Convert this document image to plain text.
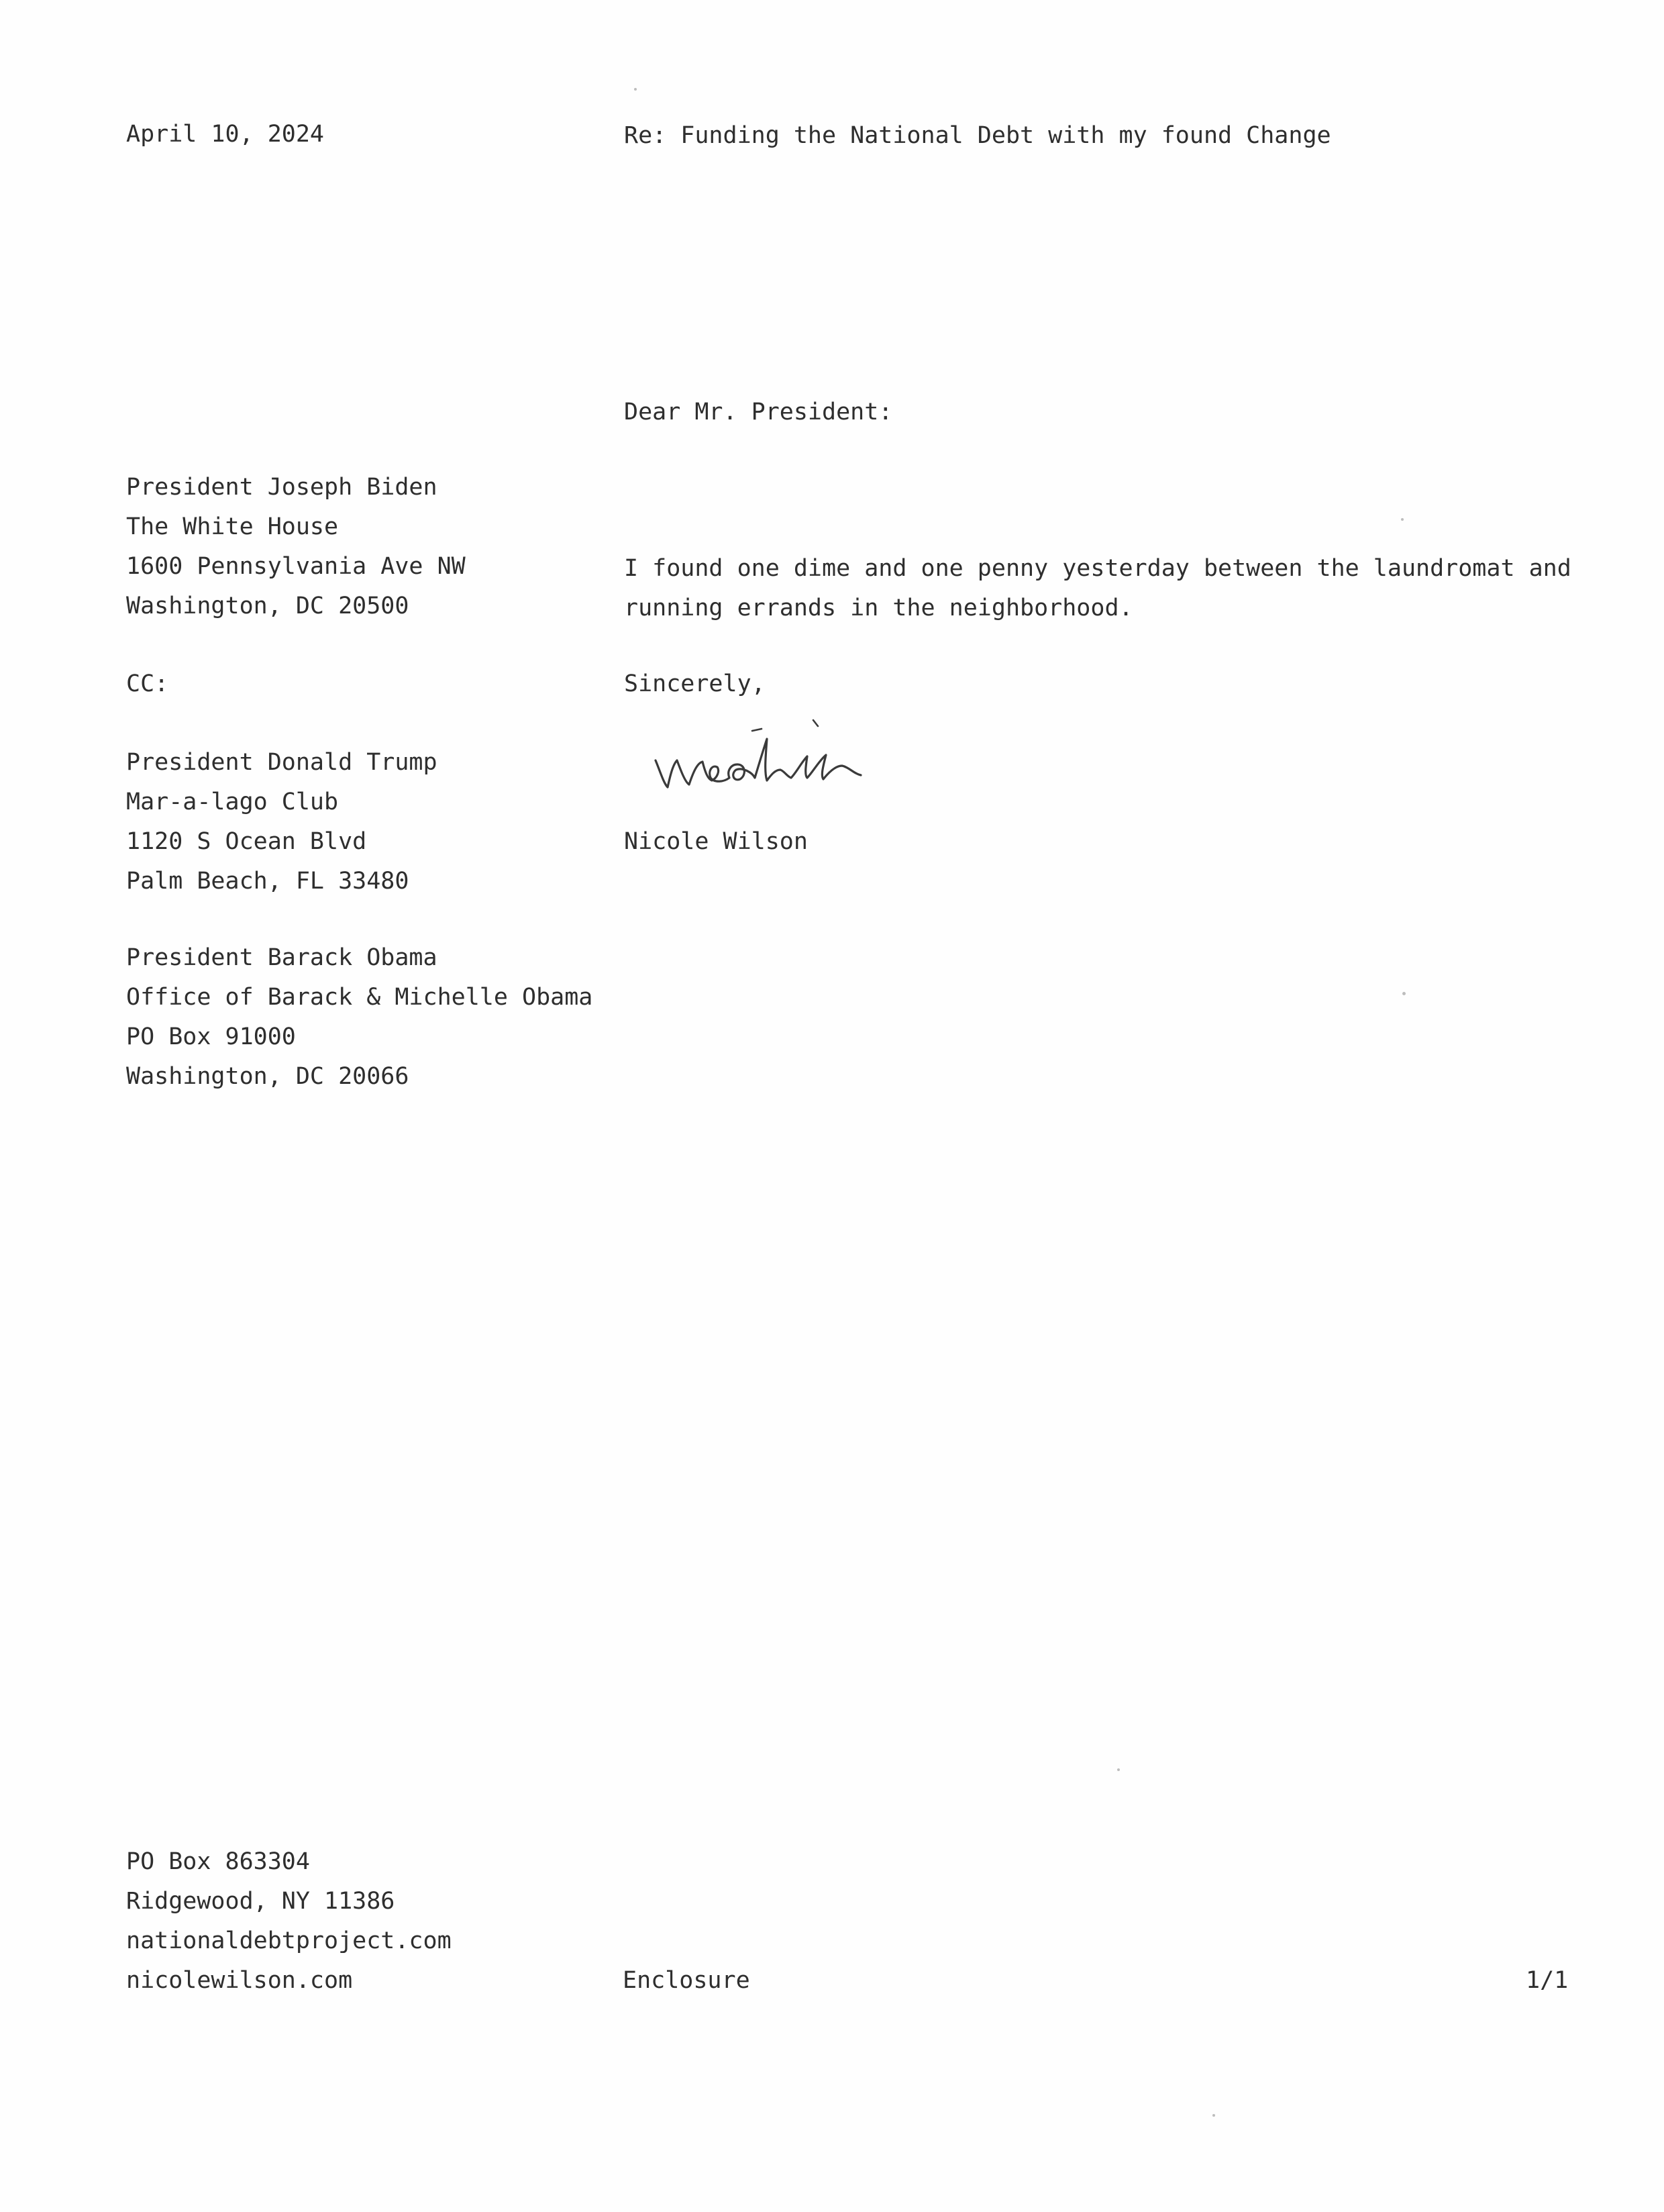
April 10, 2024	Re: Funding the National Debt with my found Change
Dear Mr. President:
President Joseph Biden
The White House
1600 Pennsylvania Ave NW
Washington, DC 20500
I found one dime and one penny yesterday between the laundromat and
running errands in the neighborhood.
CC:	Sincerely,
Nicole Wilson
President Donald Trump
Mar-a-lago Club
1120 S Ocean Blvd
Palm Beach, FL 33480
President Barack Obama
Office of Barack & Michelle Obama
PO Box 91000
Washington, DC 20066
PO Box 863304
Ridgewood, NY 11386
nationaldebtproject.com
nicolewilson.com	Enclosure	1/1
